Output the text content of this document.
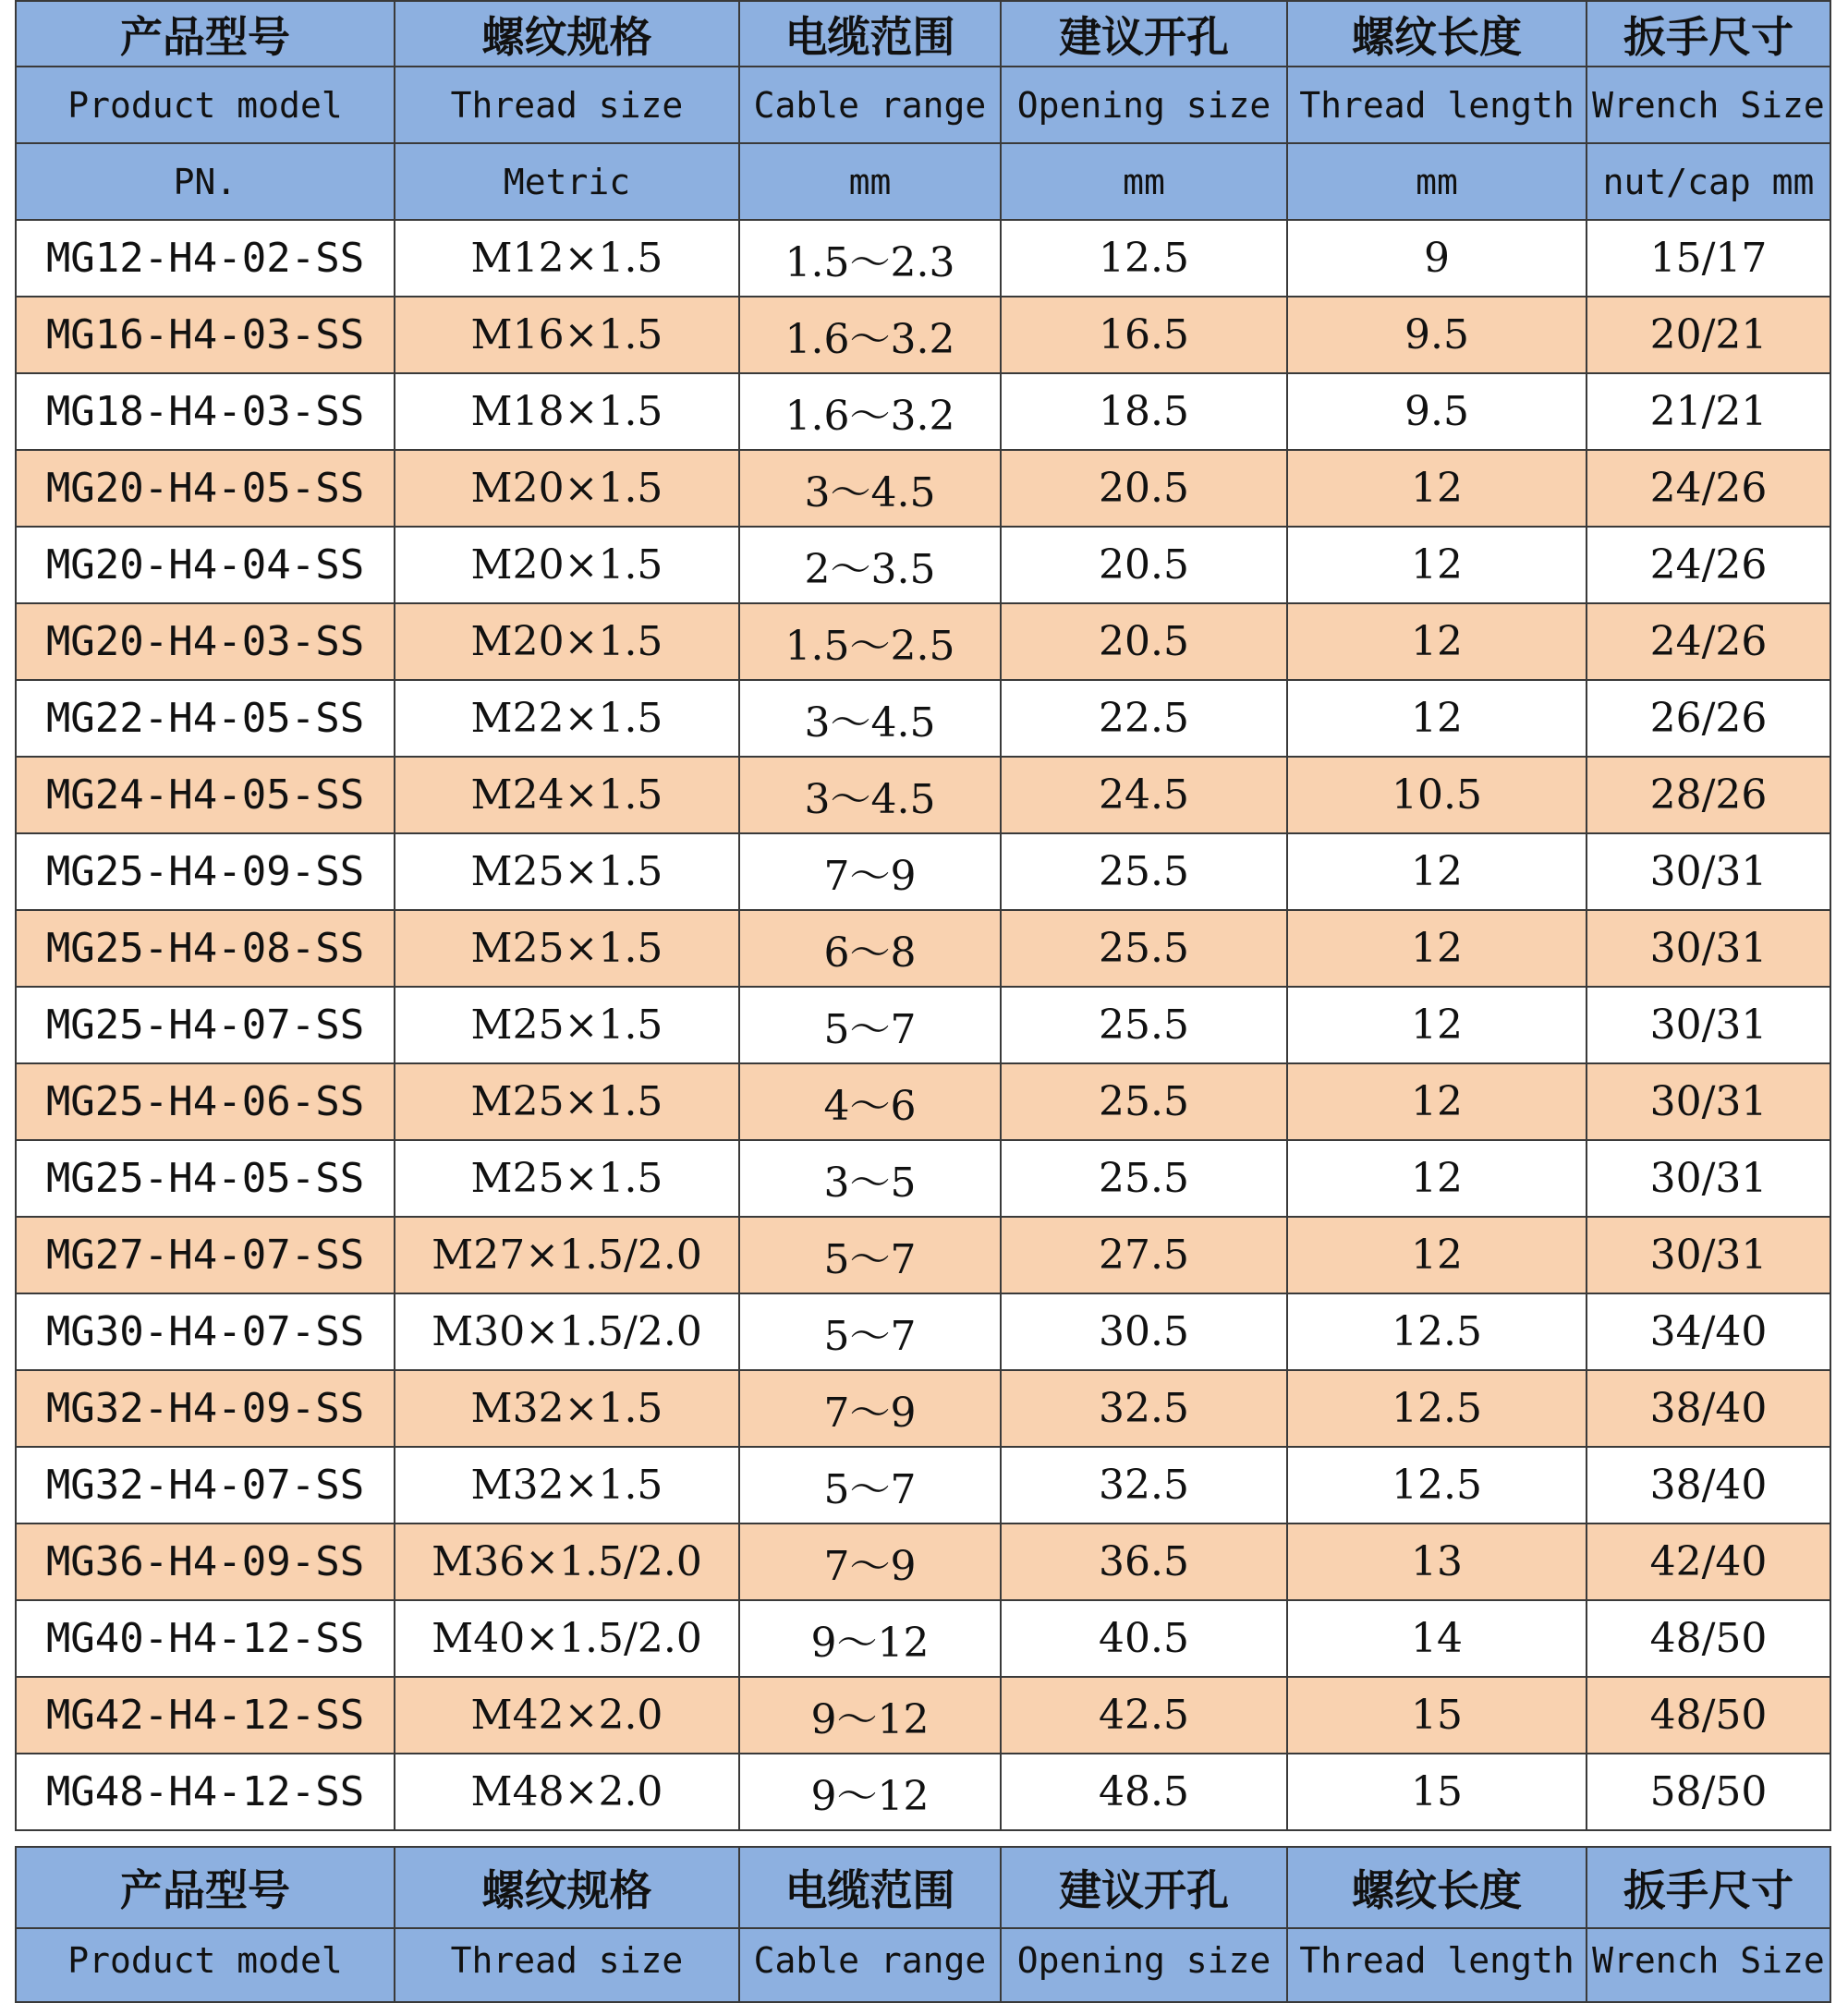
产品型号	螺纹规格	电缆范围	建议开孔	螺纹长度	扳手尺寸
Product model	Thread size	Cable range	Opening size	Thread length	Wrench Size
PN.	Metric	mm	mm	mm	nut/cap mm
MG12-H4-02-SS	M12×1.5	1.5～2.3	12.5	9	15/17
MG16-H4-03-SS	M16×1.5	1.6～3.2	16.5	9.5	20/21
MG18-H4-03-SS	M18×1.5	1.6～3.2	18.5	9.5	21/21
MG20-H4-05-SS	M20×1.5	3～4.5	20.5	12	24/26
MG20-H4-04-SS	M20×1.5	2～3.5	20.5	12	24/26
MG20-H4-03-SS	M20×1.5	1.5～2.5	20.5	12	24/26
MG22-H4-05-SS	M22×1.5	3～4.5	22.5	12	26/26
MG24-H4-05-SS	M24×1.5	3～4.5	24.5	10.5	28/26
MG25-H4-09-SS	M25×1.5	7～9	25.5	12	30/31
MG25-H4-08-SS	M25×1.5	6～8	25.5	12	30/31
MG25-H4-07-SS	M25×1.5	5～7	25.5	12	30/31
MG25-H4-06-SS	M25×1.5	4～6	25.5	12	30/31
MG25-H4-05-SS	M25×1.5	3～5	25.5	12	30/31
MG27-H4-07-SS	M27×1.5/2.0	5～7	27.5	12	30/31
MG30-H4-07-SS	M30×1.5/2.0	5～7	30.5	12.5	34/40
MG32-H4-09-SS	M32×1.5	7～9	32.5	12.5	38/40
MG32-H4-07-SS	M32×1.5	5～7	32.5	12.5	38/40
MG36-H4-09-SS	M36×1.5/2.0	7～9	36.5	13	42/40
MG40-H4-12-SS	M40×1.5/2.0	9～12	40.5	14	48/50
MG42-H4-12-SS	M42×2.0	9～12	42.5	15	48/50
MG48-H4-12-SS	M48×2.0	9～12	48.5	15	58/50
产品型号	螺纹规格	电缆范围	建议开孔	螺纹长度	扳手尺寸
Product model	Thread size	Cable range	Opening size	Thread length	Wrench Size
